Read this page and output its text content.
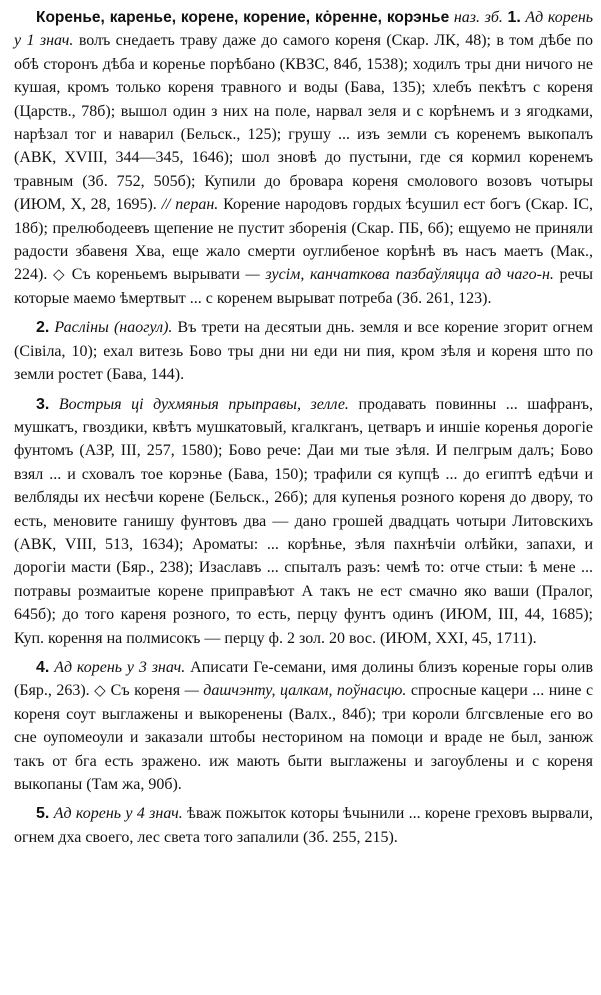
Коренье, каренье, корене, корение, кȯренне, корэнье наз. зб. 1. Ад корень у 1 знач. волъ снедаеть траву даже до самого кореня (Скар. ЛК, 48); в том дѣбе по обѣ сторонъ дѣба и коренье порѣбано (КВЗС, 84б, 1538); ходилъ тры дни ничого не кушая, кромъ только кореня травного и воды (Бава, 135); хлебъ пекѣтъ с кореня (Царств., 78б); вышол один з них на поле, нарвал зеля и с корѣнемъ и з ягодками, нарѣзал тог и наварил (Бельск., 125); грушу ... изъ земли съ коренемъ выкопалъ (АВК, XVIII, 344—345, 1646); шол зновѣ до пустыни, где ся кормил коренемъ травным (Зб. 752, 505б); Купили до бровара кореня смолового возовъ чотыры (ИЮМ, X, 28, 1695). // перан. Корение народовъ гордых ѣсушил ест богъ (Скар. IC, 18б); прелюбодеевъ щепение не пустит зборенія (Скар. ПБ, 6б); ещуемо не приняли радости збавеня Хва, еще жало смерти оуглибеное корѣнѣ въ насъ маетъ (Мак., 224). ◇ Съ кореньемъ вырывати — зусім, канчаткова пазбаўляцца ад чаго-н. речы которые маемо ѣмертвыт ... с коренем вырыват потреба (Зб. 261, 123).

2. Расліны (наогул). Въ трети на десятыи днь. земля и все корение згорит огнем (Сівіла, 10); ехал витезь Бово тры дни ни еди ни пия, кром зѣля и кореня што по земли ростет (Бава, 144).

3. Вострыя ці духмяныя прыправы, зелле. продавать повинны ... шафранъ, мушкатъ, гвоздики, квѣтъ мушкатовый, кгалкганъ, цетваръ и иншіе коренья дорогіе фунтомъ (АЗР, III, 257, 1580); Бово рече: Даи ми тые зѣля. И пелгрым далъ; Бово взял ... и сховалъ тое корэнье (Бава, 150); трафили ся купцѣ ... до египтѣ едѣчи и велбляды их несѣчи корене (Бельск., 26б); для купенья розного кореня до двору, то есть, меновите ганишу фунтовъ два — дано грошей двадцать чотыри Литовскихъ (АВК, VIII, 513, 1634); Ароматы: ... корѣнье, зѣля пахнѣчіи олѣйки, запахи, и дорогіи масти (Бяр., 238); Изаславъ ... спыталъ разъ: чемѣ то: отче стыи: ѣ мене ... потравы розмаитые корене приправѣют А такъ не ест смачно яко ваши (Пралог, 645б); до того кареня розного, то есть, перцу фунтъ одинъ (ИЮМ, III, 44, 1685); Куп. корення на полмисокъ — перцу ф. 2 зол. 20 вос. (ИЮМ, XXI, 45, 1711).

4. Ад корень у 3 знач. Аписати Ге-семани, имя долины близъ кореные горы олив (Бяр., 263). ◇ Съ кореня — дашчэнту, цалкам, поўнасцю. спросные кацери ... нине с кореня соут выглажены и выкоренены (Валх., 84б); три короли блгсвленые его во сне оупомеоули и заказали штобы несторином на помоци и враде не был, занюж такъ от бга есть зражено. иж мають быти выглажены и загоублены и с кореня выкопаны (Там жа, 90б).

5. Ад корень у 4 знач. ѣваж пожыток которы ѣчынили ... корене греховъ вырвали, огнем дха своего, лес света того запалили (Зб. 255, 215).
